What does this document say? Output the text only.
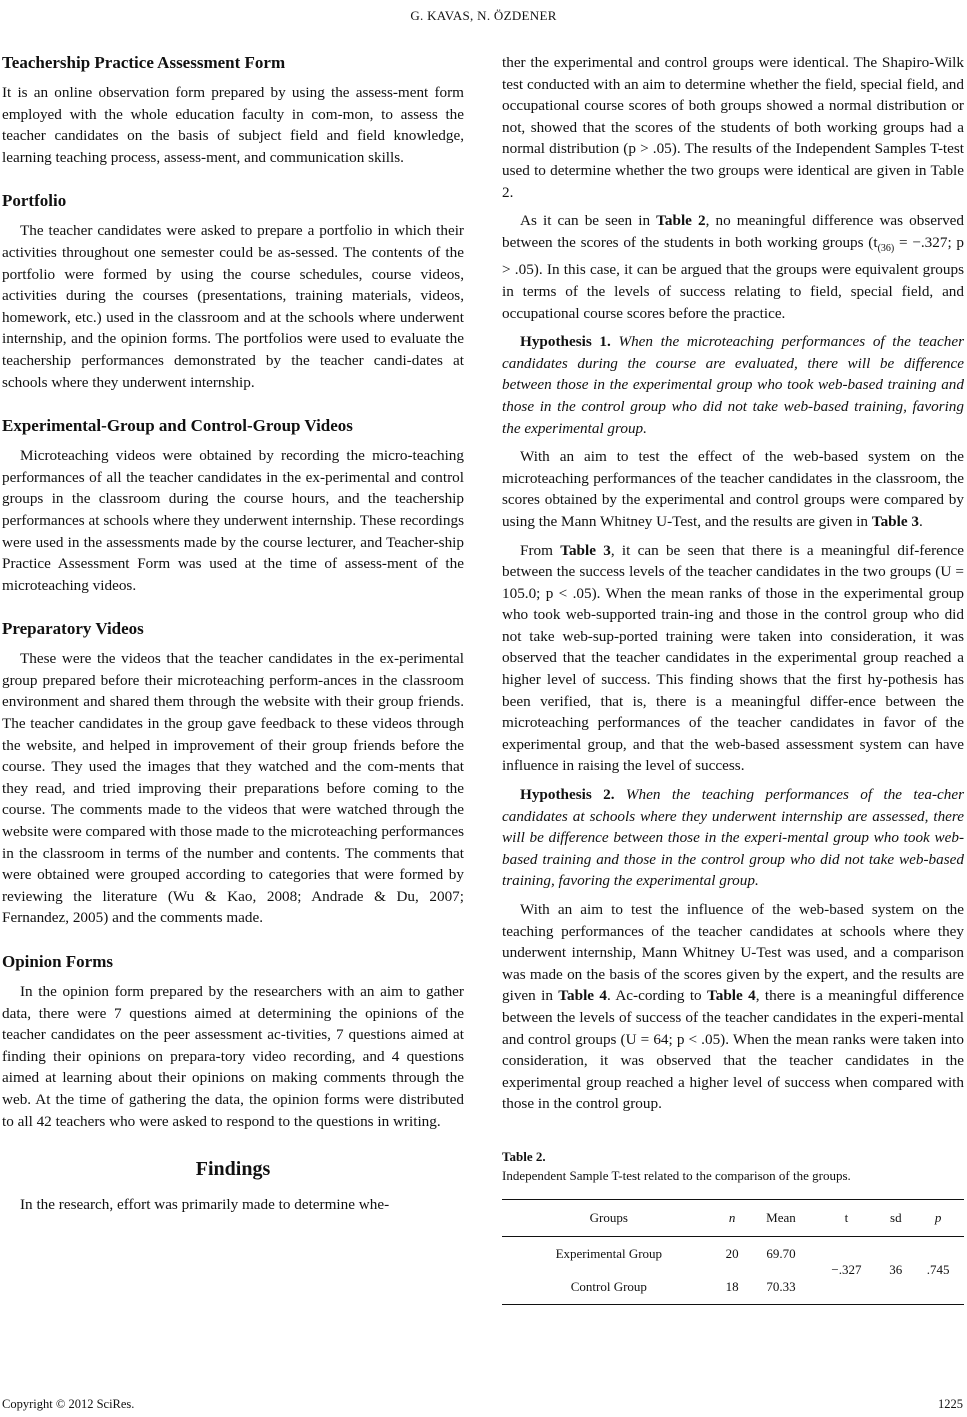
G. KAVAS, N. ÖZDENER
Teachership Practice Assessment Form

It is an online observation form prepared by using the assess-ment form employed with the whole education faculty in com-mon, to assess the teacher candidates on the basis of subject field and field knowledge, learning teaching process, assess-ment, and communication skills.

Portfolio

The teacher candidates were asked to prepare a portfolio in which their activities throughout one semester could be as-sessed. The contents of the portfolio were formed by using the course schedules, course videos, activities during the courses (presentations, training materials, videos, homework, etc.) used in the classroom and at the schools where underwent internship, and the opinion forms. The portfolios were used to evaluate the teachership performances demonstrated by the teacher candi-dates at schools where they underwent internship.

Experimental-Group and Control-Group Videos

Microteaching videos were obtained by recording the micro-teaching performances of all the teacher candidates in the ex-perimental and control groups in the classroom during the course hours, and the teachership performances at schools where they underwent internship. These recordings were used in the assessments made by the course lecturer, and Teacher-ship Practice Assessment Form was used at the time of assess-ment of the microteaching videos.

Preparatory Videos

These were the videos that the teacher candidates in the ex-perimental group prepared before their microteaching perform-ances in the classroom environment and shared them through the website with their group friends. The teacher candidates in the group gave feedback to these videos through the website, and helped in improvement of their group friends before the course. They used the images that they watched and the com-ments that they read, and tried improving their preparations before coming to the course. The comments made to the videos that were watched through the website were compared with those made to the microteaching performances in the classroom in terms of the number and contents. The comments that were obtained were grouped according to categories that were formed by reviewing the literature (Wu & Kao, 2008; Andrade & Du, 2007; Fernandez, 2005) and the comments made.

Opinion Forms

In the opinion form prepared by the researchers with an aim to gather data, there were 7 questions aimed at determining the opinions of the teacher candidates on the peer assessment ac-tivities, 7 questions aimed at finding their opinions on prepara-tory video recording, and 4 questions aimed at learning about their opinions on making comments through the web. At the time of gathering the data, the opinion forms were distributed to all 42 teachers who were asked to respond to the questions in writing.

Findings

In the research, effort was primarily made to determine whe-

ther the experimental and control groups were identical. The Shapiro-Wilk test conducted with an aim to determine whether the field, special field, and occupational course scores of both groups showed a normal distribution or not, showed that the scores of the students of both working groups had a normal distribution (p > .05). The results of the Independent Samples T-test used to determine whether the two groups were identical are given in Table 2.

As it can be seen in Table 2, no meaningful difference was observed between the scores of the students in both working groups ($t_{(36)} = -.327$; p > .05). In this case, it can be argued that the groups were equivalent groups in terms of the levels of success relating to field, special field, and occupational course scores before the practice.

Hypothesis 1. When the microteaching performances of the teacher candidates during the course are evaluated, there will be difference between those in the experimental group who took web-based training and those in the control group who did not take web-based training, favoring the experimental group.

With an aim to test the effect of the web-based system on the microteaching performances of the teacher candidates in the classroom, the scores obtained by the experimental and control groups were compared by using the Mann Whitney U-Test, and the results are given in Table 3.

From Table 3, it can be seen that there is a meaningful dif-ference between the success levels of the teacher candidates in the two groups (U = 105.0; p < .05). When the mean ranks of those in the experimental group who took web-supported train-ing and those in the control group who did not take web-sup-ported training were taken into consideration, it was observed that the teacher candidates in the experimental group reached a higher level of success. This finding shows that the first hy-pothesis has been verified, that is, there is a meaningful differ-ence between the microteaching performances of the teacher candidates in favor of the experimental group, and that the web-based assessment system can have influence in raising the level of success.

Hypothesis 2. When the teaching performances of the tea-cher candidates at schools where they underwent internship are assessed, there will be difference between those in the experi-mental group who took web-based training and those in the control group who did not take web-based training, favoring the experimental group.

With an aim to test the influence of the web-based system on the teaching performances of the teacher candidates at schools where they underwent internship, Mann Whitney U-Test was used, and a comparison was made on the basis of the scores given by the expert, and the results are given in Table 4. Ac-cording to Table 4, there is a meaningful difference between the levels of success of the teacher candidates in the experi-mental and control groups (U = 64; p < .05). When the mean ranks were taken into consideration, it was observed that the teacher candidates in the experimental group reached a higher level of success when compared with those in the control group.

Table 2.
Independent Sample T-test related to the comparison of the groups.
Groups	n	Mean	t	sd	p
Experimental Group	20	69.70	−.327	36	.745
Control Group	18	70.33			
Copyright © 2012 SciRes.	1225
